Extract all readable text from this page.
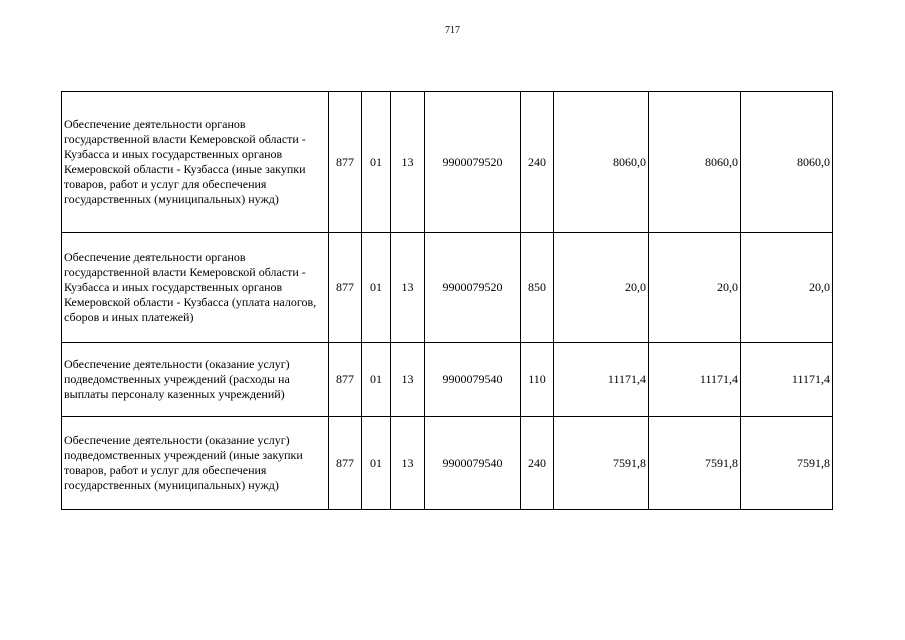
717
Обеспечение деятельности органов государственной власти Кемеровской области - Кузбасса и иных государственных органов Кемеровской области - Кузбасса (иные закупки товаров, работ и услуг для обеспечения государственных (муниципальных) нужд)	877	01	13	9900079520	240	8060,0	8060,0	8060,0
Обеспечение деятельности органов государственной власти Кемеровской области - Кузбасса и иных государственных органов Кемеровской области - Кузбасса (уплата налогов, сборов и иных платежей)	877	01	13	9900079520	850	20,0	20,0	20,0
Обеспечение деятельности (оказание услуг) подведомственных учреждений (расходы на выплаты персоналу казенных учреждений)	877	01	13	9900079540	110	11171,4	11171,4	11171,4
Обеспечение деятельности (оказание услуг) подведомственных учреждений (иные закупки товаров, работ и услуг для обеспечения государственных (муниципальных) нужд)	877	01	13	9900079540	240	7591,8	7591,8	7591,8
